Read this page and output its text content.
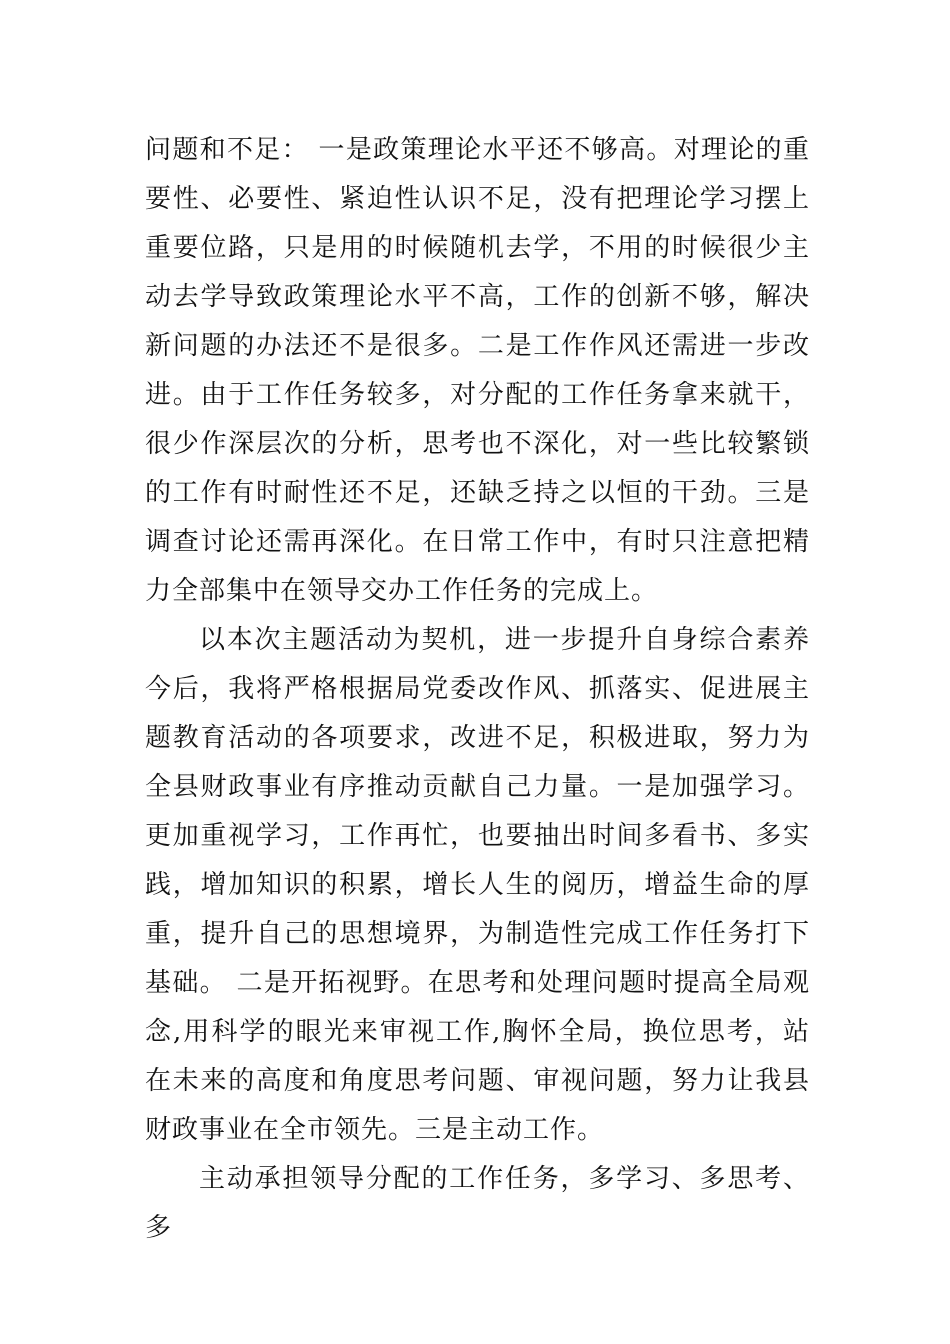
问题和不足： 一是政策理论水平还不够高。对理论的重要性、必要性、紧迫性认识不足，没有把理论学习摆上重要位路，只是用的时候随机去学，不用的时候很少主动去学导致政策理论水平不高，工作的创新不够，解决新问题的办法还不是很多。二是工作作风还需进一步改进。由于工作任务较多，对分配的工作任务拿来就干，很少作深层次的分析，思考也不深化，对一些比较繁锁的工作有时耐性还不足，还缺乏持之以恒的干劲。三是调查讨论还需再深化。在日常工作中，有时只注意把精力全部集中在领导交办工作任务的完成上。

以本次主题活动为契机，进一步提升自身综合素养今后，我将严格根据局党委改作风、抓落实、促进展主题教育活动的各项要求，改进不足，积极进取，努力为全县财政事业有序推动贡献自己力量。一是加强学习。更加重视学习，工作再忙，也要抽出时间多看书、多实践，增加知识的积累，增长人生的阅历，增益生命的厚重，提升自己的思想境界，为制造性完成工作任务打下基础。 二是开拓视野。在思考和处理问题时提高全局观念,用科学的眼光来审视工作,胸怀全局，换位思考，站在未来的高度和角度思考问题、审视问题，努力让我县财政事业在全市领先。三是主动工作。

主动承担领导分配的工作任务，多学习、多思考、多
